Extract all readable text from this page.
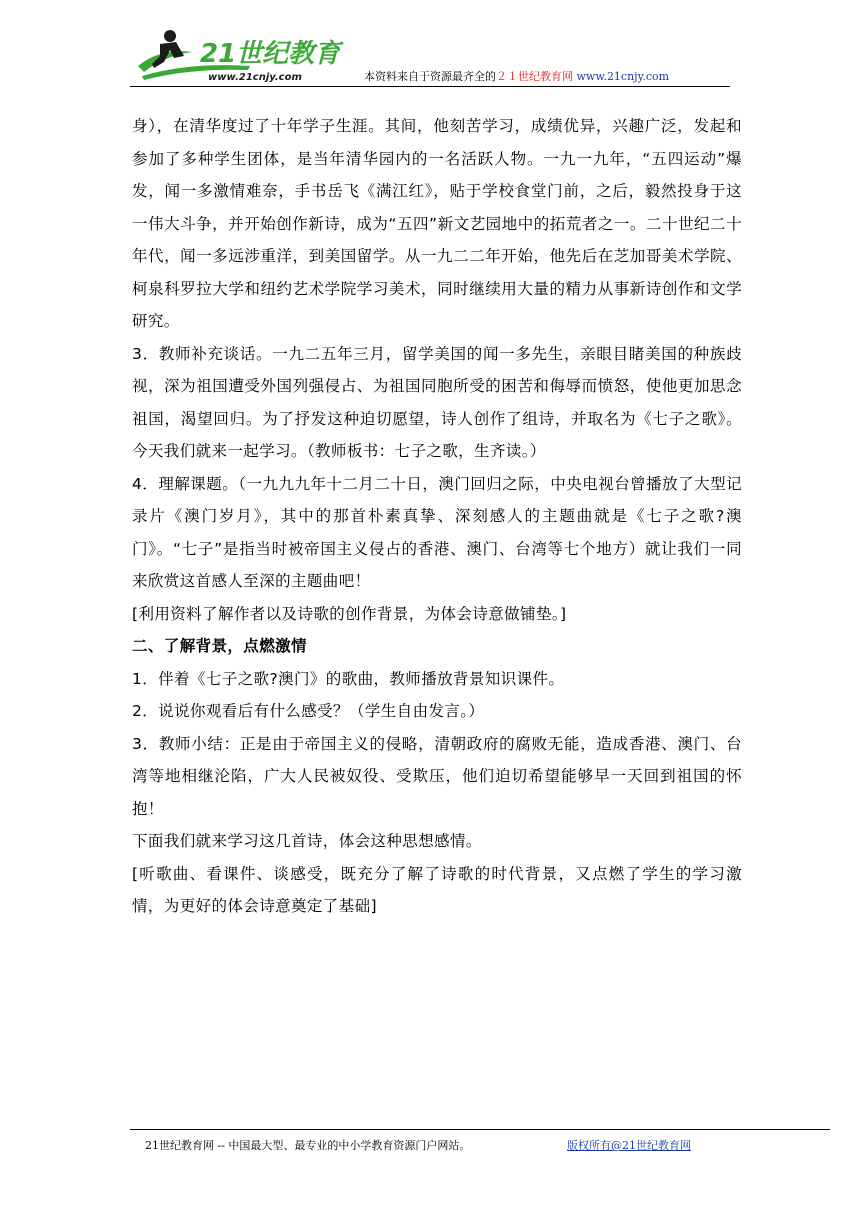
21世纪教育
www.21cnjy.com	本资料来自于资源最齐全的２１世纪教育网 www.21cnjy.com

身），在清华度过了十年学子生涯。其间，他刻苦学习，成绩优异，兴趣广泛，发起和参加了多种学生团体，是当年清华园内的一名活跃人物。一九一九年，“五四运动”爆发，闻一多激情难奈，手书岳飞《满江红》，贴于学校食堂门前，之后，毅然投身于这一伟大斗争，并开始创作新诗，成为“五四”新文艺园地中的拓荒者之一。二十世纪二十年代，闻一多远涉重洋，到美国留学。从一九二二年开始，他先后在芝加哥美术学院、柯泉科罗拉大学和纽约艺术学院学习美术，同时继续用大量的精力从事新诗创作和文学研究。

3．教师补充谈话。一九二五年三月，留学美国的闻一多先生，亲眼目睹美国的种族歧视，深为祖国遭受外国列强侵占、为祖国同胞所受的困苦和侮辱而愤怒，使他更加思念祖国，渴望回归。为了抒发这种迫切愿望，诗人创作了组诗，并取名为《七子之歌》。今天我们就来一起学习。（教师板书：七子之歌，生齐读。）

4．理解课题。（一九九九年十二月二十日，澳门回归之际，中央电视台曾播放了大型记录片《澳门岁月》，其中的那首朴素真挚、深刻感人的主题曲就是《七子之歌?澳门》。“七子”是指当时被帝国主义侵占的香港、澳门、台湾等七个地方）就让我们一同来欣赏这首感人至深的主题曲吧！

[利用资料了解作者以及诗歌的创作背景，为体会诗意做铺垫。]

二、了解背景，点燃激情

1．伴着《七子之歌?澳门》的歌曲，教师播放背景知识课件。

2．说说你观看后有什么感受？（学生自由发言。）

3．教师小结：正是由于帝国主义的侵略，清朝政府的腐败无能，造成香港、澳门、台湾等地相继沦陷，广大人民被奴役、受欺压，他们迫切希望能够早一天回到祖国的怀抱！

下面我们就来学习这几首诗，体会这种思想感情。

[听歌曲、看课件、谈感受，既充分了解了诗歌的时代背景，又点燃了学生的学习激情，为更好的体会诗意奠定了基础]

21世纪教育网 -- 中国最大型、最专业的中小学教育资源门户网站。	版权所有@21世纪教育网
